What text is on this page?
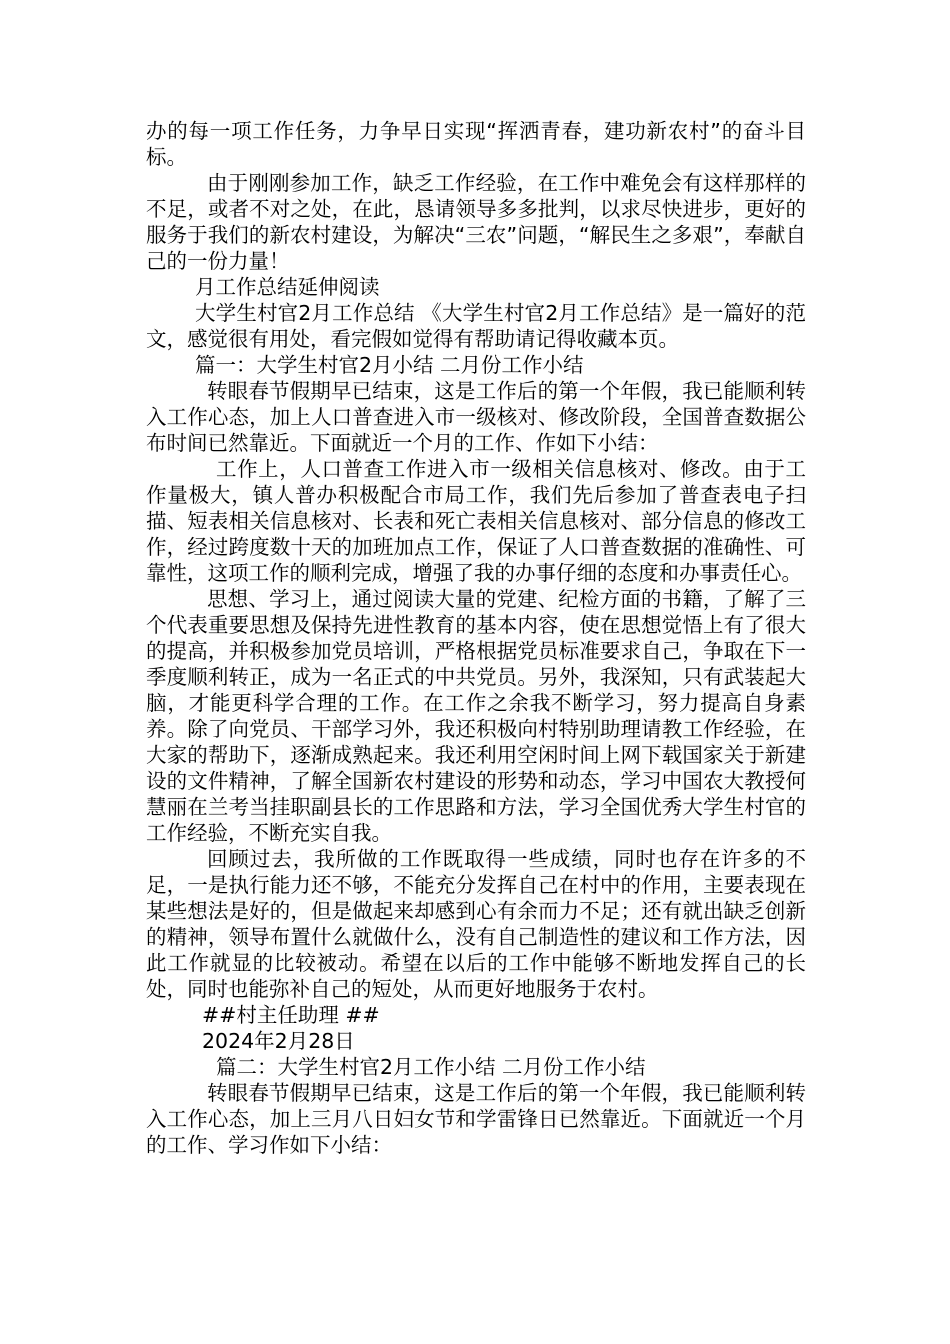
办的每一项工作任务，力争早日实现“挥洒青春，建功新农村”的奋斗目标。

由于刚刚参加工作，缺乏工作经验，在工作中难免会有这样那样的不足，或者不对之处，在此，恳请领导多多批判，以求尽快进步，更好的服务于我们的新农村建设，为解决“三农”问题，“解民生之多艰”，奉献自己的一份力量！

月工作总结延伸阅读

大学生村官2月工作总结 《大学生村官2月工作总结》是一篇好的范文，感觉很有用处，看完假如觉得有帮助请记得收藏本页。

篇一：大学生村官2月小结 二月份工作小结

转眼春节假期早已结束，这是工作后的第一个年假，我已能顺利转入工作心态，加上人口普查进入市一级核对、修改阶段，全国普查数据公布时间已然靠近。下面就近一个月的工作、作如下小结：

工作上，人口普查工作进入市一级相关信息核对、修改。由于工作量极大，镇人普办积极配合市局工作，我们先后参加了普查表电子扫描、短表相关信息核对、长表和死亡表相关信息核对、部分信息的修改工作，经过跨度数十天的加班加点工作，保证了人口普查数据的准确性、可靠性，这项工作的顺利完成，增强了我的办事仔细的态度和办事责任心。

思想、学习上，通过阅读大量的党建、纪检方面的书籍，了解了三个代表重要思想及保持先进性教育的基本内容，使在思想觉悟上有了很大的提高，并积极参加党员培训，严格根据党员标准要求自己，争取在下一季度顺利转正，成为一名正式的中共党员。另外，我深知，只有武装起大脑，才能更科学合理的工作。在工作之余我不断学习，努力提高自身素养。除了向党员、干部学习外，我还积极向村特别助理请教工作经验，在大家的帮助下，逐渐成熟起来。我还利用空闲时间上网下载国家关于新建设的文件精神，了解全国新农村建设的形势和动态，学习中国农大教授何慧丽在兰考当挂职副县长的工作思路和方法，学习全国优秀大学生村官的工作经验，不断充实自我。

回顾过去，我所做的工作既取得一些成绩，同时也存在许多的不足，一是执行能力还不够，不能充分发挥自己在村中的作用，主要表现在某些想法是好的，但是做起来却感到心有余而力不足；还有就出缺乏创新的精神，领导布置什么就做什么，没有自己制造性的建议和工作方法，因此工作就显的比较被动。希望在以后的工作中能够不断地发挥自己的长处，同时也能弥补自己的短处，从而更好地服务于农村。

##村主任助理 ##

2024年2月28日

篇二：大学生村官2月工作小结 二月份工作小结

转眼春节假期早已结束，这是工作后的第一个年假，我已能顺利转入工作心态，加上三月八日妇女节和学雷锋日已然靠近。下面就近一个月的工作、学习作如下小结：
